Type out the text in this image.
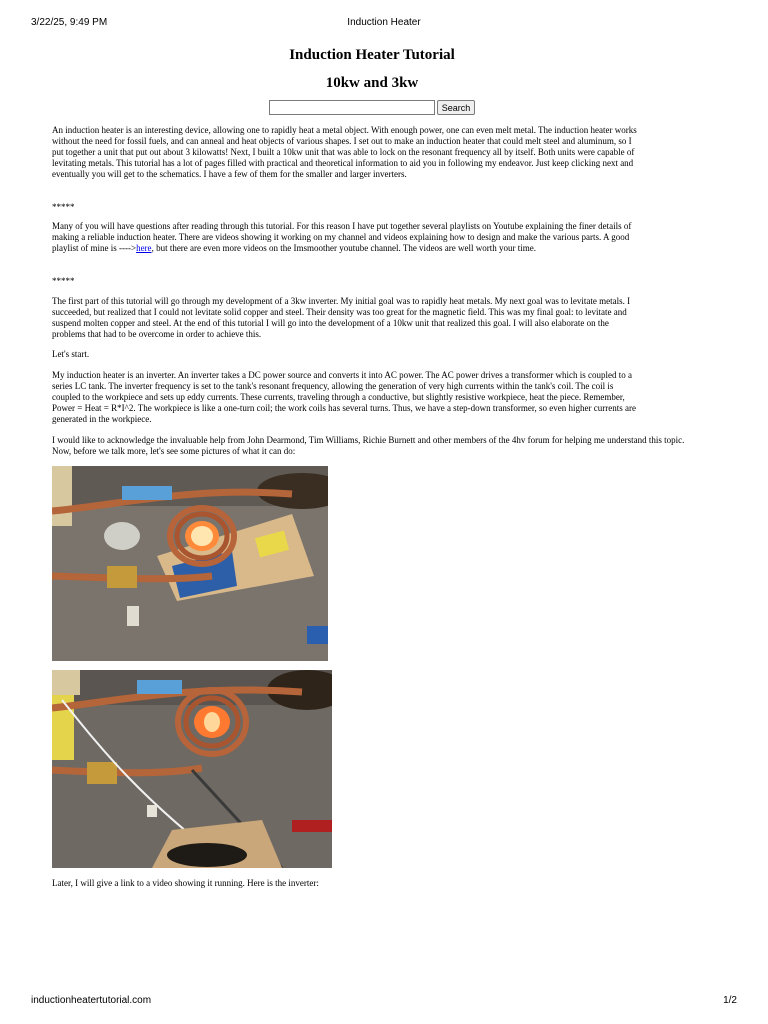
3/22/25, 9:49 PM	Induction Heater
Induction Heater Tutorial
10kw and 3kw
Search

An induction heater is an interesting device, allowing one to rapidly heat a metal object. With enough power, one can even melt metal. The induction heater works without the need for fossil fuels, and can anneal and heat objects of various shapes. I set out to make an induction heater that could melt steel and aluminum, so I put together a unit that put out about 3 kilowatts! Next, I built a 10kw unit that was able to lock on the resonant frequency all by itself. Both units were capable of levitating metals. This tutorial has a lot of pages filled with practical and theoretical information to aid you in following my endeavor. Just keep clicking next and eventually you will get to the schematics. I have a few of them for the smaller and larger inverters.

*****

Many of you will have questions after reading through this tutorial. For this reason I have put together several playlists on Youtube explaining the finer details of making a reliable induction heater. There are videos showing it working on my channel and videos explaining how to design and make the various parts. A good playlist of mine is ---->here, but there are even more videos on the Imsmoother youtube channel. The videos are well worth your time.

*****

The first part of this tutorial will go through my development of a 3kw inverter. My initial goal was to rapidly heat metals. My next goal was to levitate metals. I succeeded, but realized that I could not levitate solid copper and steel. Their density was too great for the magnetic field. This was my final goal: to levitate and suspend molten copper and steel. At the end of this tutorial I will go into the development of a 10kw unit that realized this goal. I will also elaborate on the problems that had to be overcome in order to achieve this.

Let's start.

My induction heater is an inverter. An inverter takes a DC power source and converts it into AC power. The AC power drives a transformer which is coupled to a series LC tank. The inverter frequency is set to the tank's resonant frequency, allowing the generation of very high currents within the tank's coil. The coil is coupled to the workpiece and sets up eddy currents. These currents, traveling through a conductive, but slightly resistive workpiece, heat the piece. Remember, Power = Heat = R*I^2. The workpiece is like a one-turn coil; the work coils has several turns. Thus, we have a step-down transformer, so even higher currents are generated in the workpiece.

I would like to acknowledge the invaluable help from John Dearmond, Tim Williams, Richie Burnett and other members of the 4hv forum for helping me understand this topic. Now, before we talk more, let's see some pictures of what it can do:

Later, I will give a link to a video showing it running. Here is the inverter:

inductionheatertutorial.com	1/2
